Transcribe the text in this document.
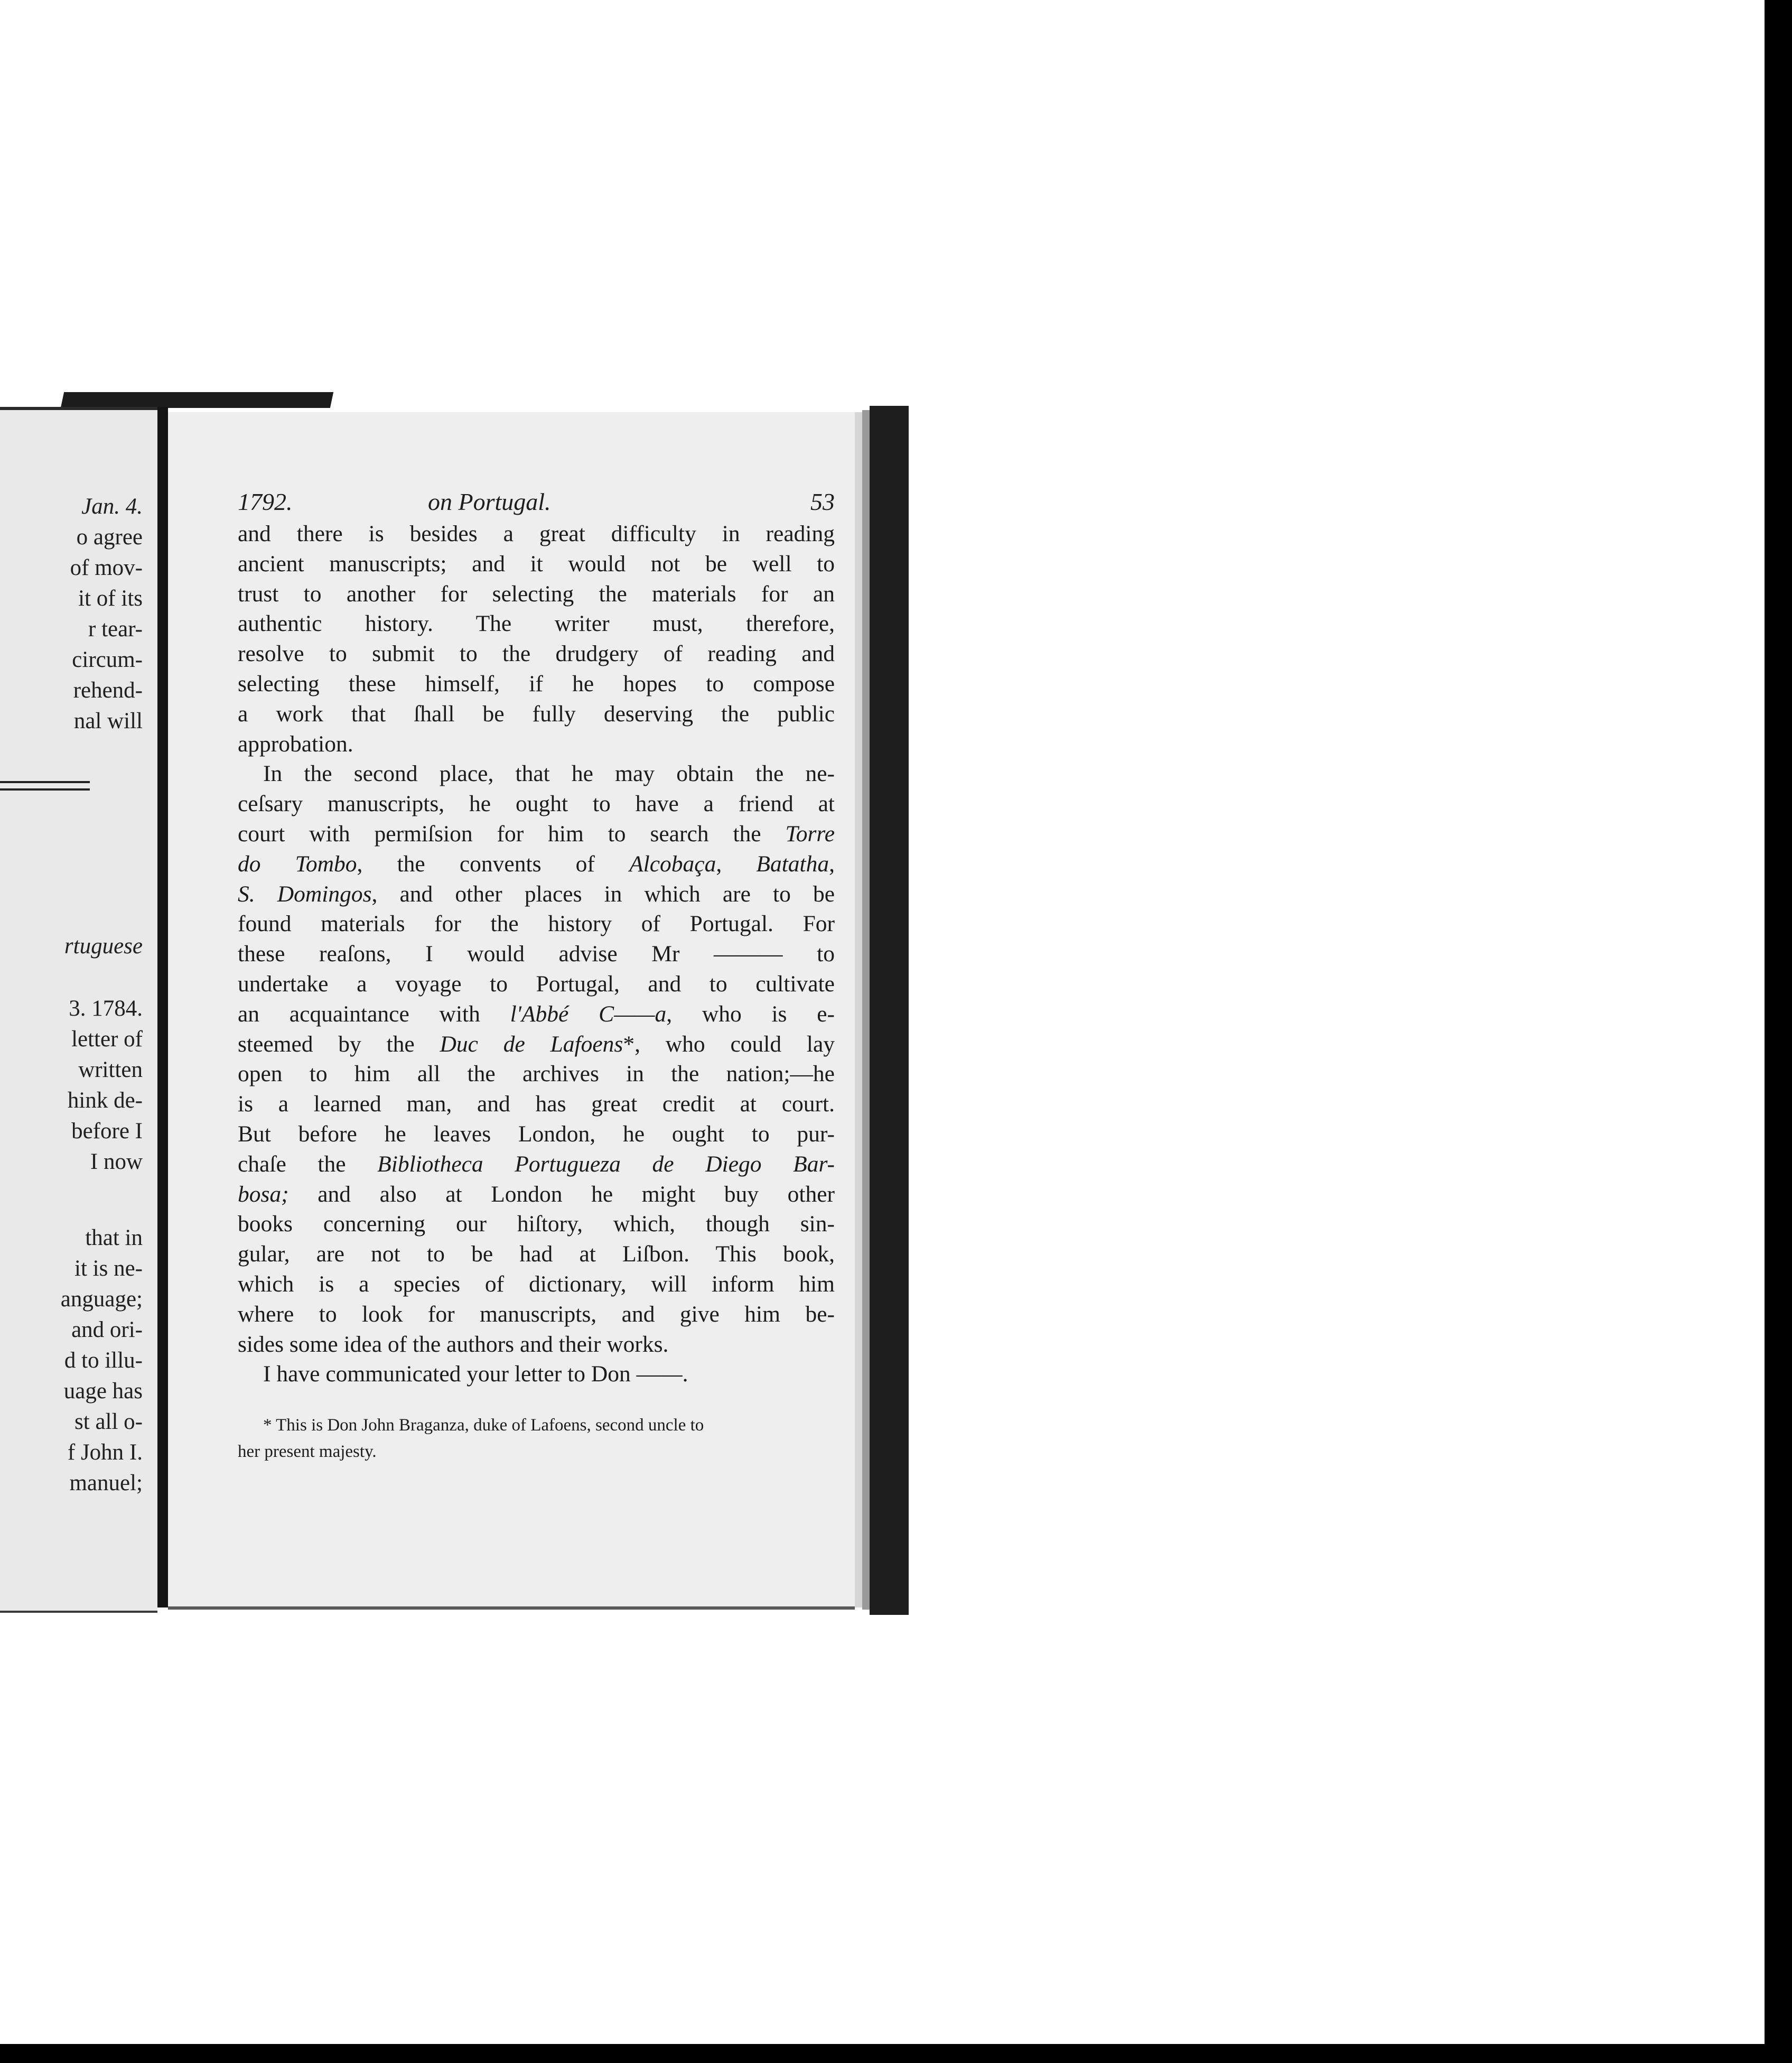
Jan. 4.
o agree
of mov-
it of its
r tear-
circum-
rehend-
nal will
rtuguese
3. 1784.
letter of
written
hink de-
before I
I now
that in
it is ne-
anguage;
and ori-
d to illu-
uage has
st all o-
f John I.
manuel;
1792.	on Portugal.	53
and there is besides a great difficulty in reading
ancient manuscripts; and it would not be well to
trust to another for selecting the materials for an
authentic history. The writer must, therefore,
resolve to submit to the drudgery of reading and
selecting these himself, if he hopes to compose
a work that ſhall be fully deserving the public
approbation.
In the second place, that he may obtain the ne-
ceſsary manuscripts, he ought to have a friend at
court with permiſsion for him to search the Torre
do Tombo, the convents of Alcobaça, Batatha,
S. Domingos, and other places in which are to be
found materials for the history of Portugal. For
these reaſons, I would advise Mr ——— to
undertake a voyage to Portugal, and to cultivate
an acquaintance with l'Abbé C——a, who is e-
steemed by the Duc de Lafoens*, who could lay
open to him all the archives in the nation;—he
is a learned man, and has great credit at court.
But before he leaves London, he ought to pur-
chaſe the Bibliotheca Portugueza de Diego Bar-
bosa; and also at London he might buy other
books concerning our hiſtory, which, though sin-
gular, are not to be had at Liſbon. This book,
which is a species of dictionary, will inform him
where to look for manuscripts, and give him be-
sides some idea of the authors and their works.
I have communicated your letter to Don ——.
* This is Don John Braganza, duke of Lafoens, second uncle to
her present majesty.
